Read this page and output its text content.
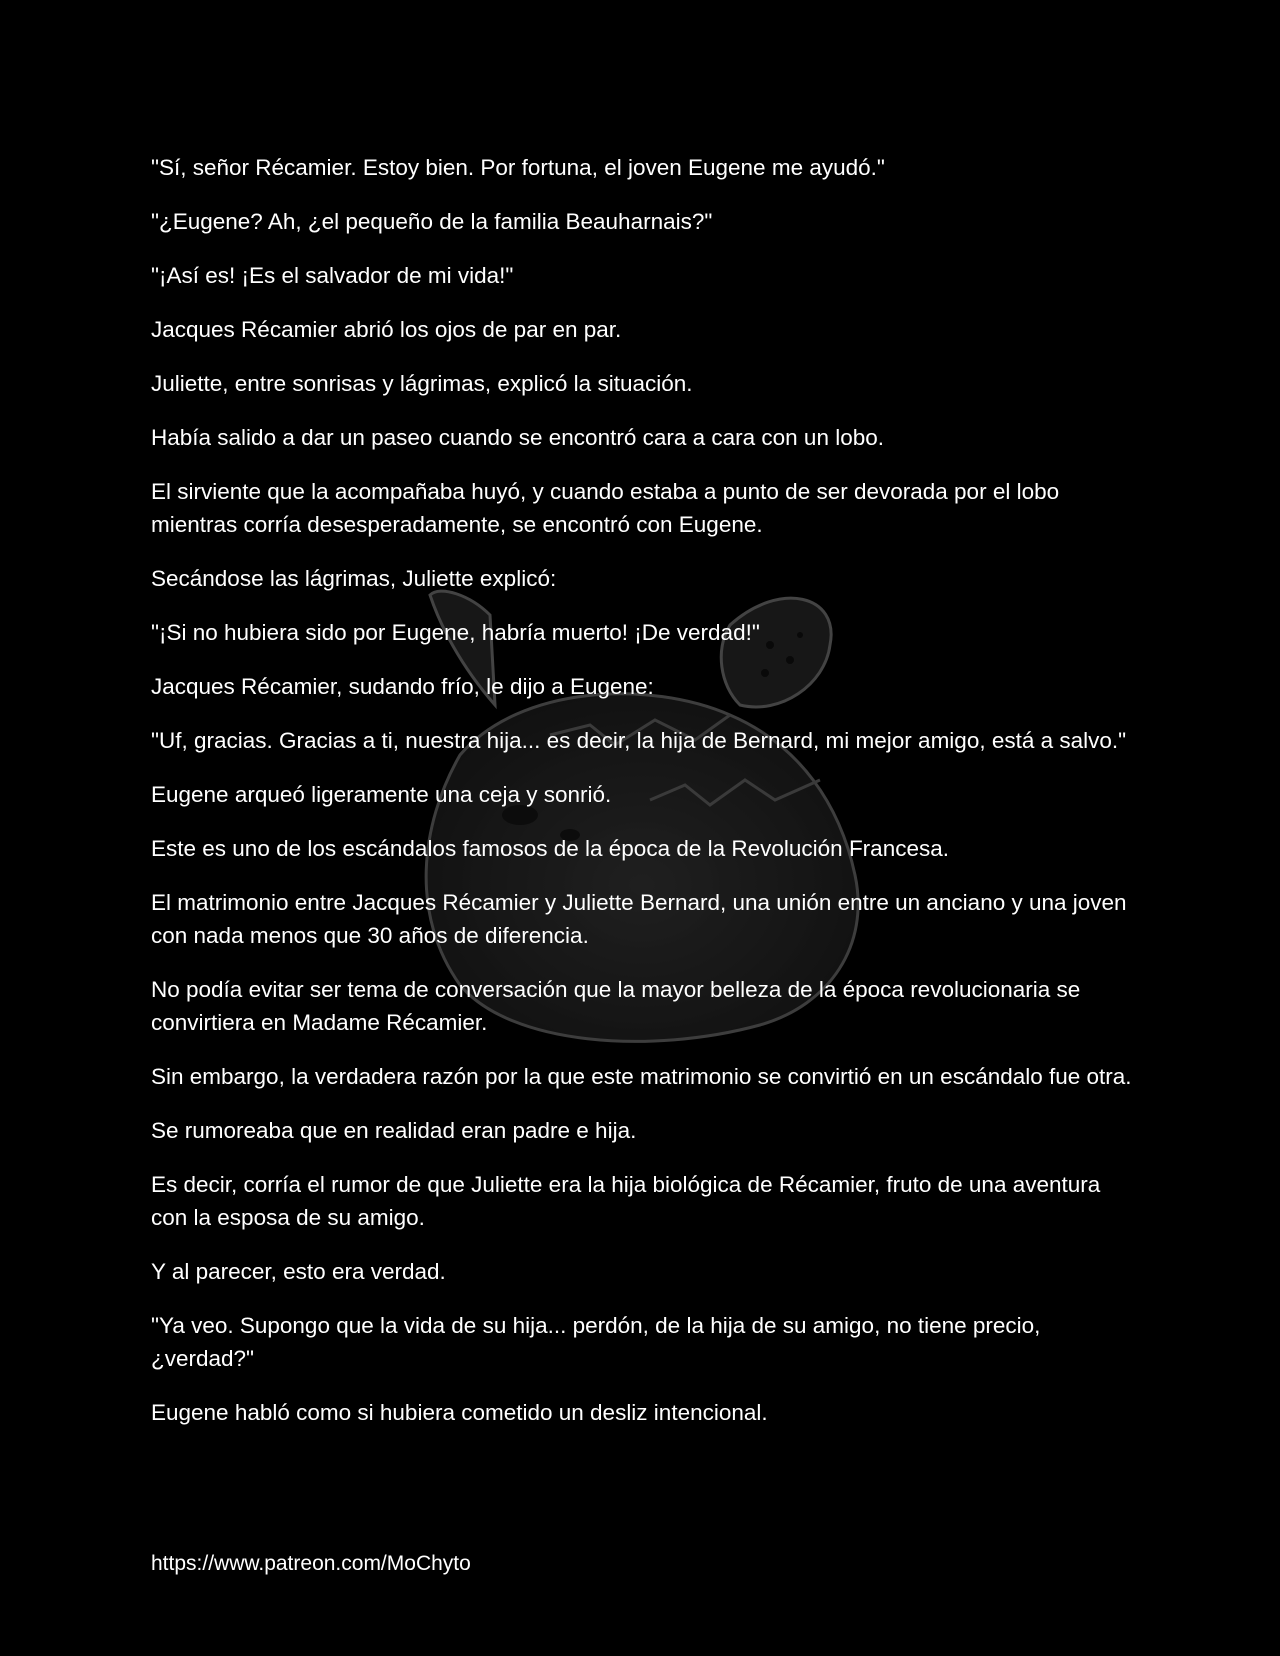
"Sí, señor Récamier. Estoy bien. Por fortuna, el joven Eugene me ayudó."

"¿Eugene? Ah, ¿el pequeño de la familia Beauharnais?"

"¡Así es! ¡Es el salvador de mi vida!"

Jacques Récamier abrió los ojos de par en par.

Juliette, entre sonrisas y lágrimas, explicó la situación.

Había salido a dar un paseo cuando se encontró cara a cara con un lobo.

El sirviente que la acompañaba huyó, y cuando estaba a punto de ser devorada por el lobo mientras corría desesperadamente, se encontró con Eugene.

Secándose las lágrimas, Juliette explicó:

"¡Si no hubiera sido por Eugene, habría muerto! ¡De verdad!"

Jacques Récamier, sudando frío, le dijo a Eugene:

"Uf, gracias. Gracias a ti, nuestra hija... es decir, la hija de Bernard, mi mejor amigo, está a salvo."

Eugene arqueó ligeramente una ceja y sonrió.

Este es uno de los escándalos famosos de la época de la Revolución Francesa.

El matrimonio entre Jacques Récamier y Juliette Bernard, una unión entre un anciano y una joven con nada menos que 30 años de diferencia.

No podía evitar ser tema de conversación que la mayor belleza de la época revolucionaria se convirtiera en Madame Récamier.

Sin embargo, la verdadera razón por la que este matrimonio se convirtió en un escándalo fue otra.

Se rumoreaba que en realidad eran padre e hija.

Es decir, corría el rumor de que Juliette era la hija biológica de Récamier, fruto de una aventura con la esposa de su amigo.

Y al parecer, esto era verdad.

"Ya veo. Supongo que la vida de su hija... perdón, de la hija de su amigo, no tiene precio, ¿verdad?"

Eugene habló como si hubiera cometido un desliz intencional.

https://www.patreon.com/MoChyto
